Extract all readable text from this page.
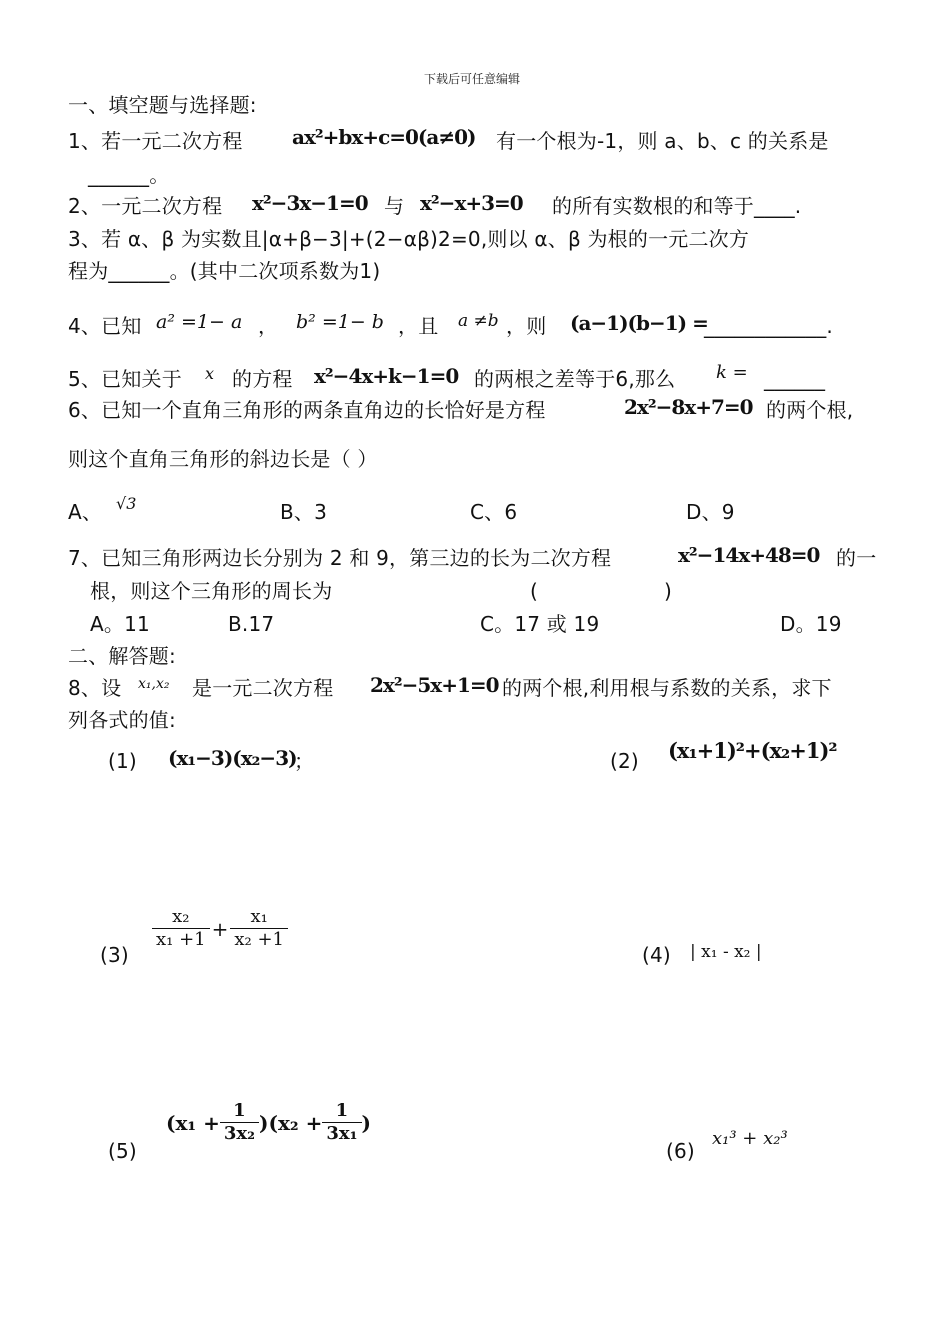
下载后可任意编辑
一、填空题与选择题:
1、若一元二次方程 ax²+bx+c=0(a≠0) 有一个根为-1，则 a、b、c 的关系是
______。
2、一元二次方程 x²−3x−1=0 与 x²−x+3=0 的所有实数根的和等于____.
3、若 α、β 为实数且|α+β−3|+(2−αβ)2=0,则以 α、β 为根的一元二次方
程为______。(其中二次项系数为1)
4、已知 a² =1− a ， b² =1− b ，且 a ≠b ，则 (a−1)(b−1) =
____________.
5、已知关于 x 的方程 x²−4x+k−1=0 的两根之差等于6,那么 k = ______
6、已知一个直角三角形的两条直角边的长恰好是方程	2x²−8x+7=0 的两个根,
则这个直角三角形的斜边长是（ ）
A、 √3	B、3	C、6	D、9
7、已知三角形两边长分别为 2 和 9，第三边的长为二次方程	x²−14x+48=0 的一
根，则这个三角形的周长为	(	)
A。11	B.17	C。17 或 19	D。19
二、解答题:
8、设 x₁,x₂ 是一元二次方程 2x²−5x+1=0 的两个根,利用根与系数的关系，求下
列各式的值:
(1) (x₁−3)(x₂−3)
；	(2) (x₁+1)²+(x₂+1)²
(3)
$\frac{\text{x₂}}{\text{x₁ +1}} + \frac{\text{x₁}}{\text{x₂ +1}}$
(4) | x₁ - x₂ |
(5)
$(x_1 + \frac{1}{\text{3x₂}} )(x_2 + \frac{1}{\text{3x₁}}$ )
(6)
x₁³ + x₂³
